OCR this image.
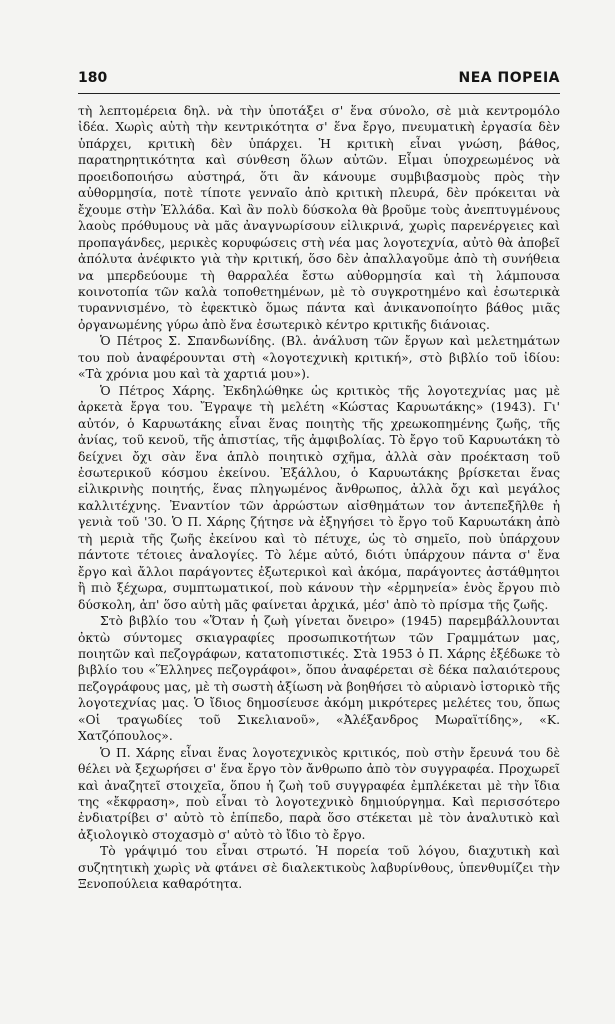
180	ΝΕΑ ΠΟΡΕΙΑ

τὴ λεπτομέρεια δηλ. νὰ τὴν ὑποτάξει σ' ἕνα σύνολο, σὲ μιὰ κεντρομόλο ἰδέα. Χωρὶς αὐτὴ τὴν κεντρικότητα σ' ἕνα ἔργο, πνευματικὴ ἐργασία δὲν ὑπάρχει, κριτικὴ δὲν ὑπάρχει. Ἡ κριτικὴ εἶναι γνώση, βάθος, παρατηρητικότητα καὶ σύνθεση ὅλων αὐτῶν. Εἶμαι ὑποχρεωμένος νὰ προειδοποιήσω αὐστηρά, ὅτι ἂν κάνουμε συμβιβασμοὺς πρὸς τὴν αὐθορμησία, ποτὲ τίποτε γενναῖο ἀπὸ κριτικὴ πλευρά, δὲν πρόκειται νὰ ἔχουμε στὴν Ἑλλάδα. Καὶ ἂν πολὺ δύσκολα θὰ βροῦμε τοὺς ἀνεπτυγμένους λαοὺς πρόθυμους νὰ μᾶς ἀναγνωρίσουν εἰλικρινά, χωρὶς παρενέργειες καὶ προπαγάνδες, μερικὲς κορυφώσεις στὴ νέα μας λογοτεχνία, αὐτὸ θὰ ἀποβεῖ ἀπόλυτα ἀνέφικτο γιὰ τὴν κριτική, ὅσο δὲν ἀπαλλαγοῦμε ἀπὸ τὴ συνήθεια να μπερδεύουμε τὴ θαρραλέα ἔστω αὐθορμησία καὶ τὴ λάμπουσα κοινοτοπία τῶν καλὰ τοποθετημένων, μὲ τὸ συγκροτημένο καὶ ἐσωτερικὰ τυραννισμένο, τὸ ἐφεκτικὸ ὅμως πάντα καὶ ἀνικανοποίητο βάθος μιᾶς ὀργανωμένης γύρω ἀπὸ ἕνα ἐσωτερικὸ κέντρο κριτικῆς διάνοιας.

Ὁ Πέτρος Σ. Σπανδωνίδης. (Βλ. ἀνάλυση τῶν ἔργων καὶ μελετημάτων του ποὺ ἀναφέρουνται στὴ «λογοτεχνικὴ κριτική», στὸ βιβλίο τοῦ ἰδίου: «Τὰ χρόνια μου καὶ τὰ χαρτιά μου»).

Ὁ Πέτρος Χάρης. Ἐκδηλώθηκε ὡς κριτικὸς τῆς λογοτεχνίας μας μὲ ἀρκετὰ ἔργα του. Ἔγραψε τὴ μελέτη «Κώστας Καρυωτάκης» (1943). Γι' αὐτόν, ὁ Καρυωτάκης εἶναι ἕνας ποιητὴς τῆς χρεωκοπημένης ζωῆς, τῆς ἀνίας, τοῦ κενοῦ, τῆς ἀπιστίας, τῆς ἀμφιβολίας. Τὸ ἔργο τοῦ Καρυωτάκη τὸ δείχνει ὄχι σὰν ἕνα ἁπλὸ ποιητικὸ σχῆμα, ἀλλὰ σὰν προέκταση τοῦ ἐσωτερικοῦ κόσμου ἐκείνου. Ἐξάλλου, ὁ Καρυωτάκης βρίσκεται ἕνας εἰλικρινὴς ποιητής, ἕνας πληγωμένος ἄνθρωπος, ἀλλὰ ὄχι καὶ μεγάλος καλλιτέχνης. Ἐναντίον τῶν ἀρρώστων αἰσθημάτων τον ἀντεπεξῆλθε ἡ γενιὰ τοῦ '30. Ὁ Π. Χάρης ζήτησε νὰ ἐξηγήσει τὸ ἔργο τοῦ Καρυωτάκη ἀπὸ τὴ μεριὰ τῆς ζωῆς ἐκείνου καὶ τὸ πέτυχε, ὡς τὸ σημεῖο, ποὺ ὑπάρχουν πάντοτε τέτοιες ἀναλογίες. Τὸ λέμε αὐτό, διότι ὑπάρχουν πάντα σ' ἕνα ἔργο καὶ ἄλλοι παράγοντες ἐξωτερικοὶ καὶ ἀκόμα, παράγοντες ἀστάθμητοι ἢ πιὸ ξέχωρα, συμπτωματικοί, ποὺ κάνουν τὴν «ἑρμηνεία» ἑνὸς ἔργου πιὸ δύσκολη, ἀπ' ὅσο αὐτὴ μᾶς φαίνεται ἀρχικά, μέσ' ἀπὸ τὸ πρίσμα τῆς ζωῆς.

Στὸ βιβλίο του «Ὅταν ἡ ζωὴ γίνεται ὄνειρο» (1945) παρεμβάλλουνται ὀκτὼ σύντομες σκιαγραφίες προσωπικοτήτων τῶν Γραμμάτων μας, ποιητῶν καὶ πεζογράφων, κατατοπιστικές. Στὰ 1953 ὁ Π. Χάρης ἐξέδωκε τὸ βιβλίο του «Ἕλληνες πεζογράφοι», ὅπου ἀναφέρεται σὲ δέκα παλαιότερους πεζογράφους μας, μὲ τὴ σωστὴ ἀξίωση νὰ βοηθήσει τὸ αὐριανὸ ἱστορικὸ τῆς λογοτεχνίας μας. Ὁ ἴδιος δημοσίευσε ἀκόμη μικρότερες μελέτες του, ὅπως «Οἱ τραγωδίες τοῦ Σικελιανοῦ», «Ἀλέξανδρος Μωραϊτίδης», «Κ. Χατζόπουλος».

Ὁ Π. Χάρης εἶναι ἕνας λογοτεχνικὸς κριτικός, ποὺ στὴν ἔρευνά του δὲ θέλει νὰ ξεχωρήσει σ' ἕνα ἔργο τὸν ἄνθρωπο ἀπὸ τὸν συγγραφέα. Προχωρεῖ καὶ ἀναζητεῖ στοιχεῖα, ὅπου ἡ ζωὴ τοῦ συγγραφέα ἐμπλέκεται μὲ τὴν ἴδια της «ἔκφραση», ποὺ εἶναι τὸ λογοτεχνικὸ δημιούργημα. Καὶ περισσότερο ἐνδιατρίβει σ' αὐτὸ τὸ ἐπίπεδο, παρὰ ὅσο στέκεται μὲ τὸν ἀναλυτικὸ καὶ ἀξιολογικὸ στοχασμὸ σ' αὐτὸ τὸ ἴδιο τὸ ἔργο.

Τὸ γράψιμό του εἶναι στρωτό. Ἡ πορεία τοῦ λόγου, διαχυτικὴ καὶ συζητητικὴ χωρὶς νὰ φτάνει σὲ διαλεκτικοὺς λαβυρίνθους, ὑπενθυμίζει τὴν Ξενοπούλεια καθαρότητα.
